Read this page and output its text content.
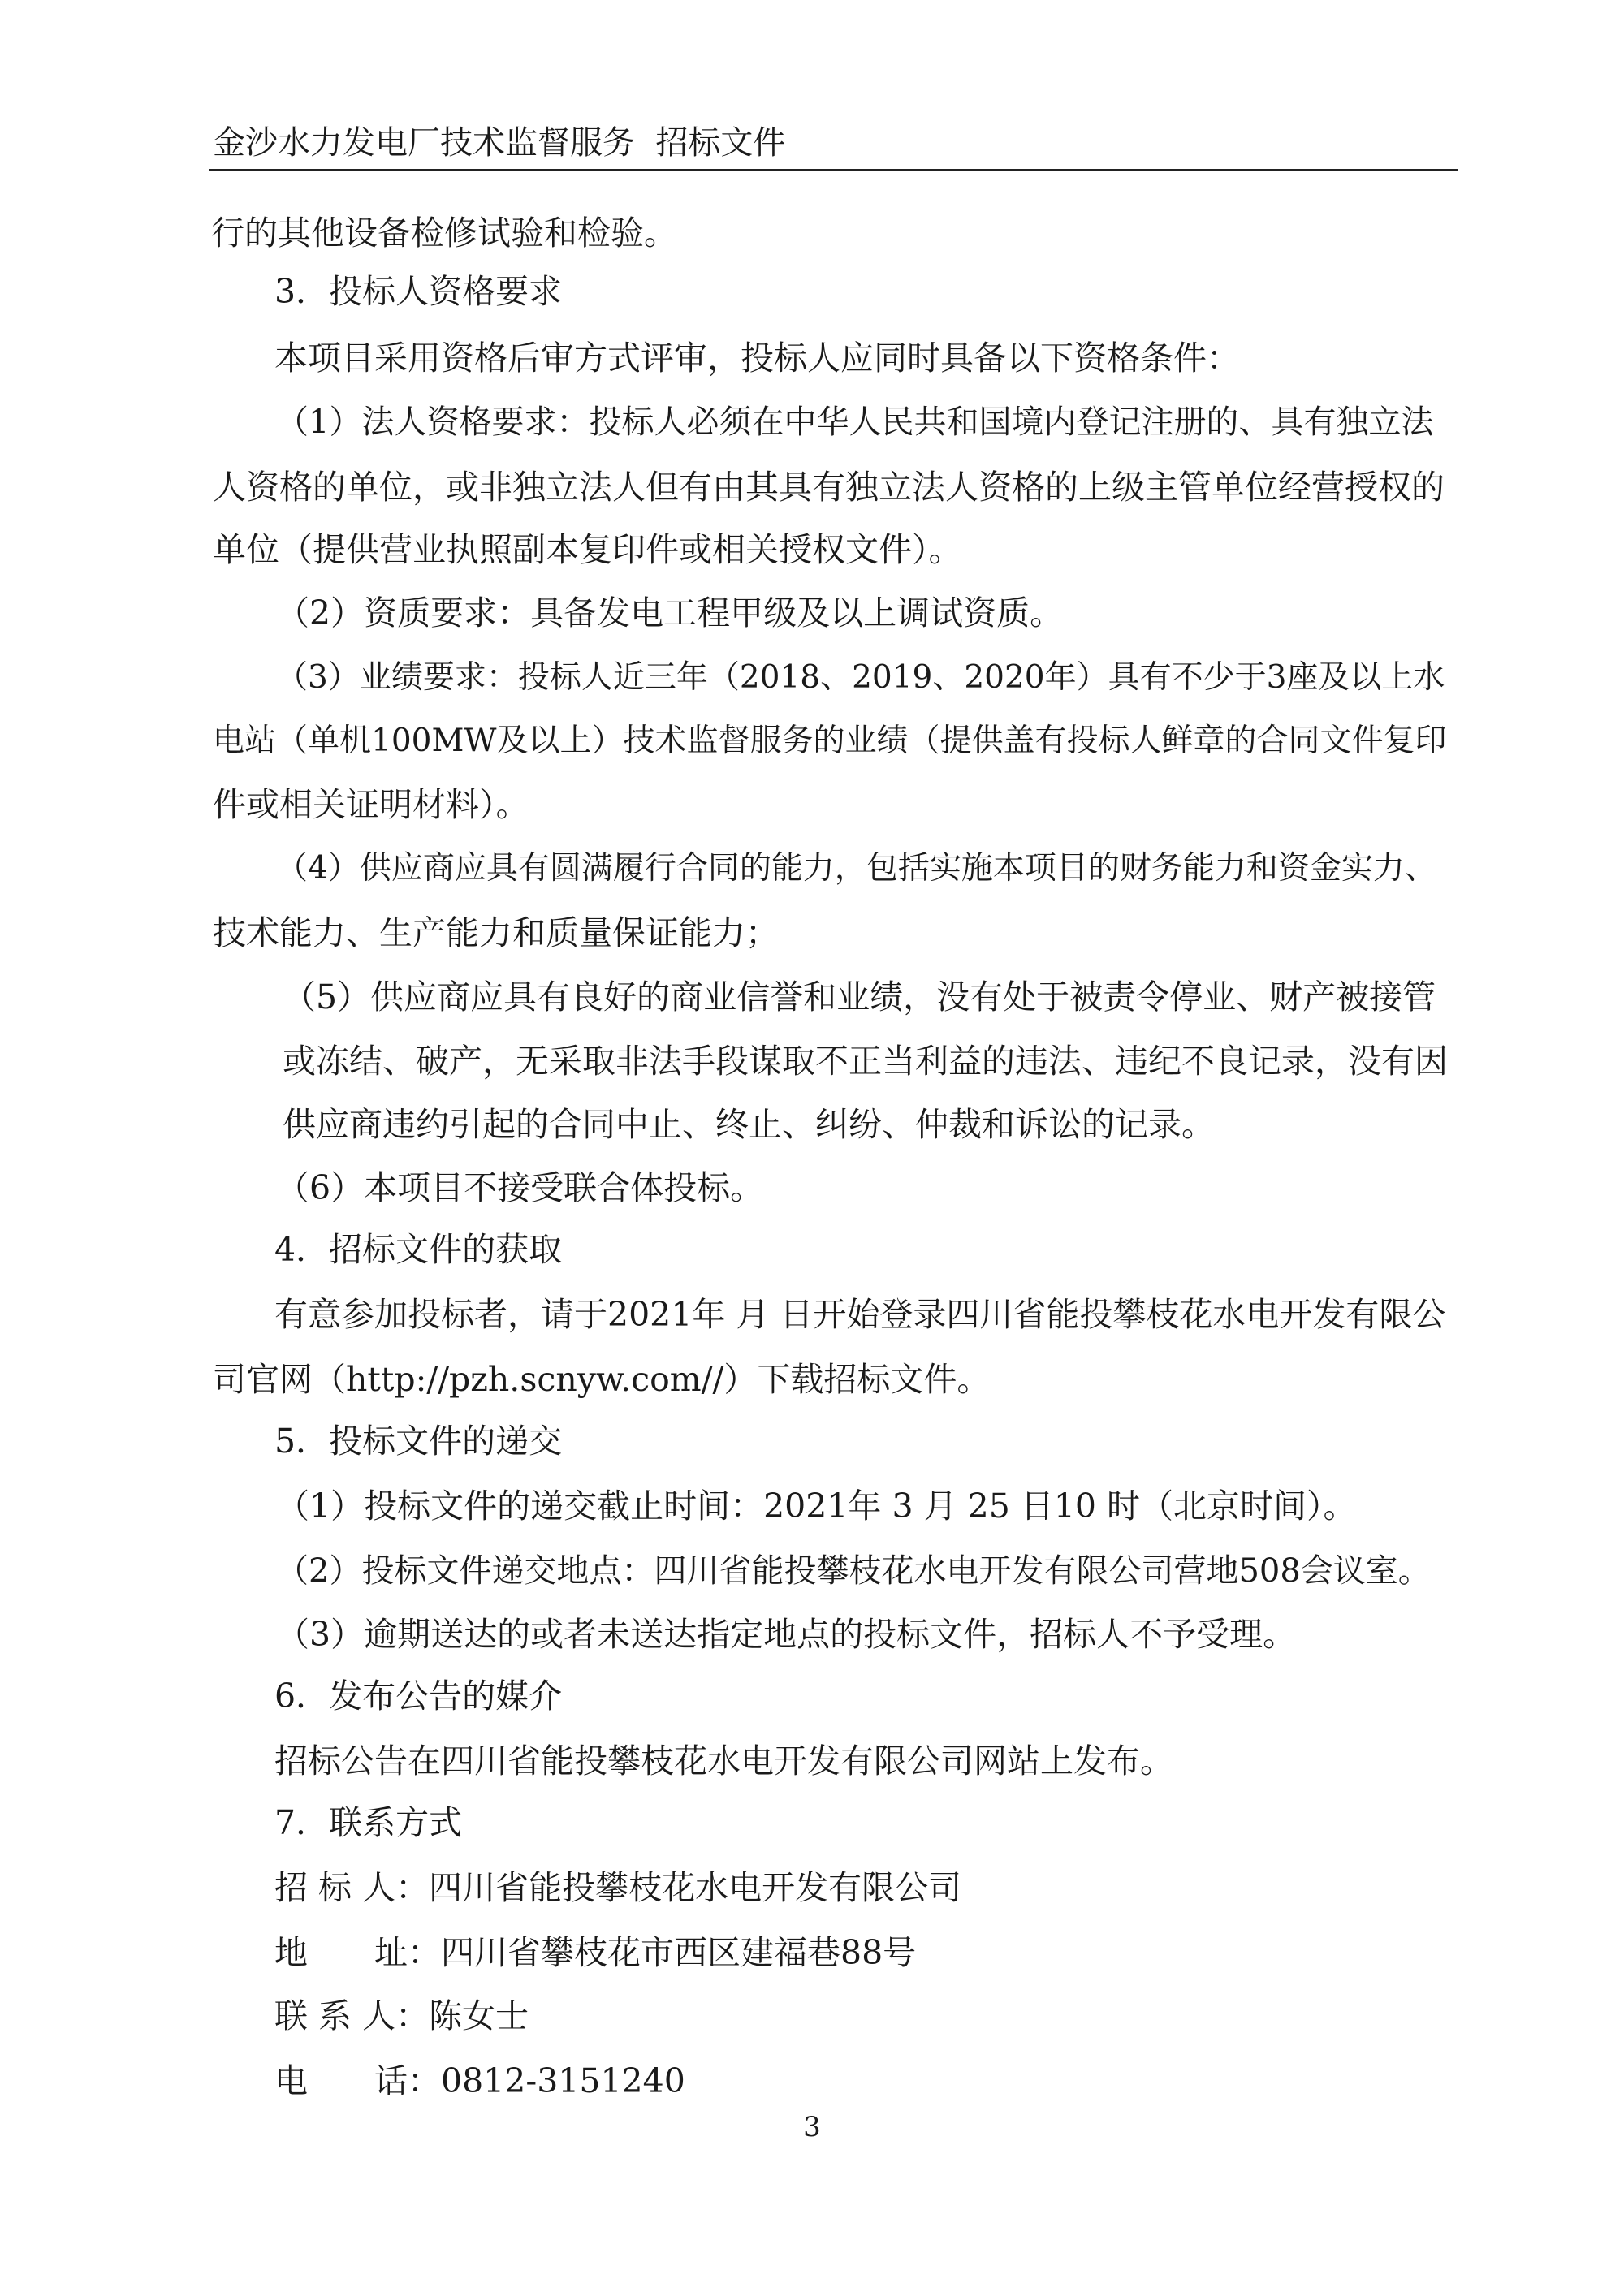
金沙水力发电厂技术监督服务  招标文件
行的其他设备检修试验和检验。
3．投标人资格要求
本项目采用资格后审方式评审，投标人应同时具备以下资格条件：
（1）法人资格要求：投标人必须在中华人民共和国境内登记注册的、具有独立法
人资格的单位，或非独立法人但有由其具有独立法人资格的上级主管单位经营授权的
单位（提供营业执照副本复印件或相关授权文件）。
（2）资质要求：具备发电工程甲级及以上调试资质。
（3）业绩要求：投标人近三年（2018、2019、2020年）具有不少于3座及以上水
电站（单机100MW及以上）技术监督服务的业绩（提供盖有投标人鲜章的合同文件复印
件或相关证明材料）。
（4）供应商应具有圆满履行合同的能力，包括实施本项目的财务能力和资金实力、
技术能力、生产能力和质量保证能力；
（5）供应商应具有良好的商业信誉和业绩，没有处于被责令停业、财产被接管
或冻结、破产，无采取非法手段谋取不正当利益的违法、违纪不良记录，没有因
供应商违约引起的合同中止、终止、纠纷、仲裁和诉讼的记录。
（6）本项目不接受联合体投标。
4．招标文件的获取
有意参加投标者，请于2021年 月 日开始登录四川省能投攀枝花水电开发有限公
司官网（http://pzh.scnyw.com//）下载招标文件。
5．投标文件的递交
（1）投标文件的递交截止时间：2021年 3 月 25 日10 时（北京时间）。
（2）投标文件递交地点：四川省能投攀枝花水电开发有限公司营地508会议室。
（3）逾期送达的或者未送达指定地点的投标文件，招标人不予受理。
6．发布公告的媒介
招标公告在四川省能投攀枝花水电开发有限公司网站上发布。
7．联系方式
招 标 人：四川省能投攀枝花水电开发有限公司
地　　址：四川省攀枝花市西区建福巷88号
联 系 人：陈女士
电　　话：0812-3151240
3
